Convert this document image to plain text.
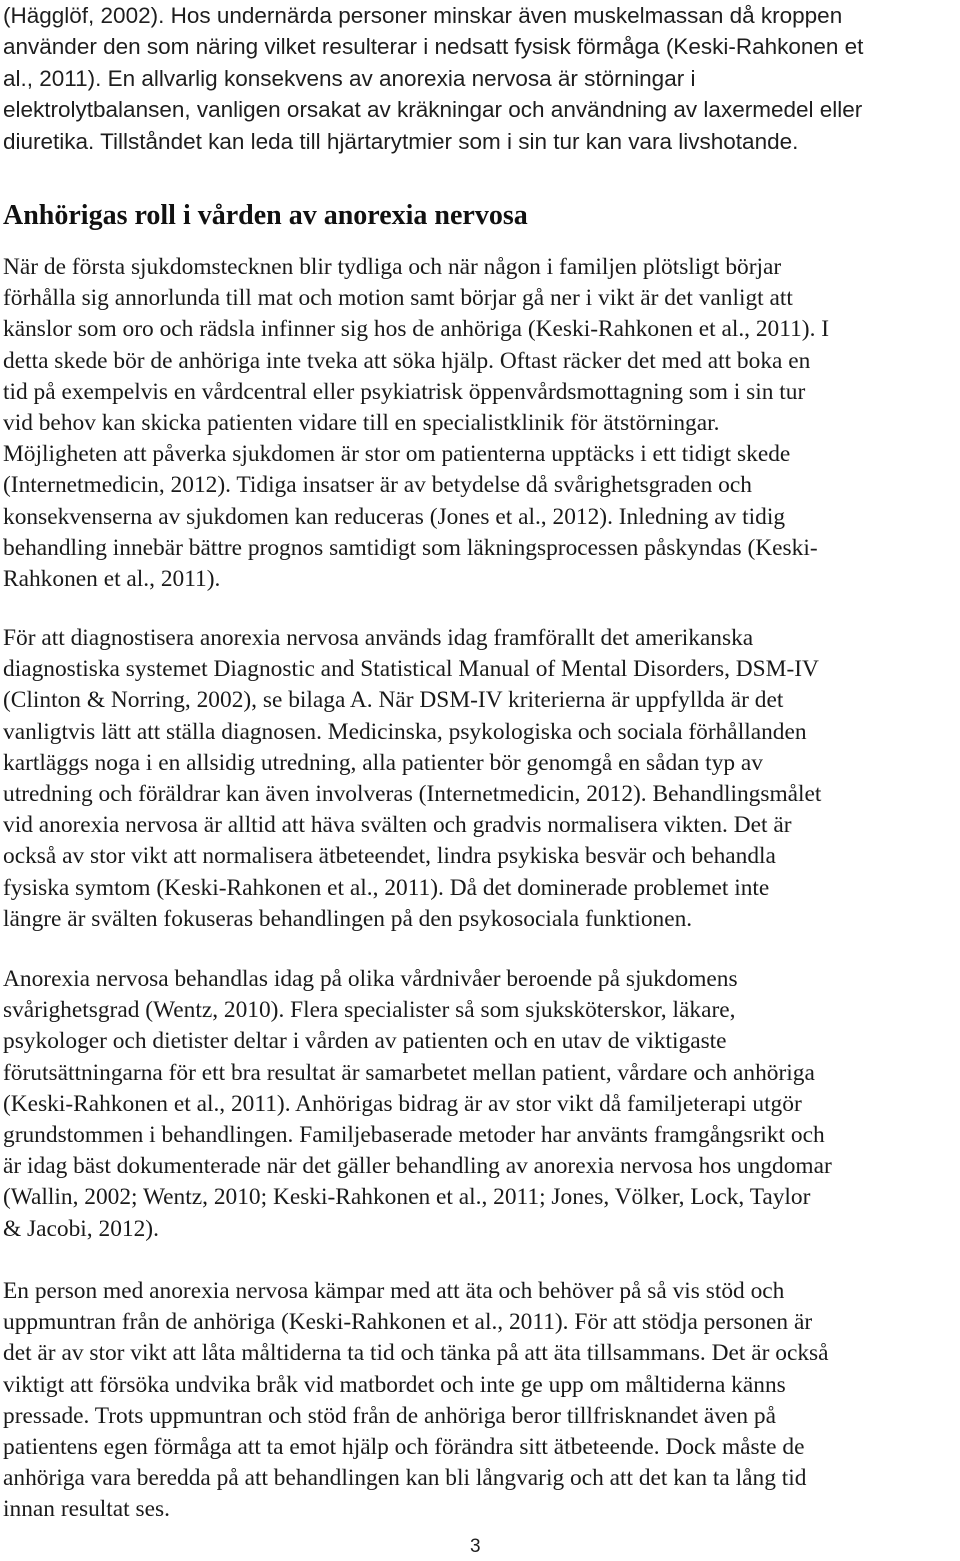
(Hägglöf, 2002). Hos undernärda personer minskar även muskelmassan då kroppen
använder den som näring vilket resulterar i nedsatt fysisk förmåga (Keski-Rahkonen et
al., 2011). En allvarlig konsekvens av anorexia nervosa är störningar i
elektrolytbalansen, vanligen orsakat av kräkningar och användning av laxermedel eller
diuretika. Tillståndet kan leda till hjärtarytmier som i sin tur kan vara livshotande.

Anhörigas roll i vården av anorexia nervosa

När de första sjukdomstecknen blir tydliga och när någon i familjen plötsligt börjar
förhålla sig annorlunda till mat och motion samt börjar gå ner i vikt är det vanligt att
känslor som oro och rädsla infinner sig hos de anhöriga (Keski-Rahkonen et al., 2011). I
detta skede bör de anhöriga inte tveka att söka hjälp. Oftast räcker det med att boka en
tid på exempelvis en vårdcentral eller psykiatrisk öppenvårdsmottagning som i sin tur
vid behov kan skicka patienten vidare till en specialistklinik för ätstörningar.
Möjligheten att påverka sjukdomen är stor om patienterna upptäcks i ett tidigt skede
(Internetmedicin, 2012). Tidiga insatser är av betydelse då svårighetsgraden och
konsekvenserna av sjukdomen kan reduceras (Jones et al., 2012). Inledning av tidig
behandling innebär bättre prognos samtidigt som läkningsprocessen påskyndas (Keski-
Rahkonen et al., 2011).

För att diagnostisera anorexia nervosa används idag framförallt det amerikanska
diagnostiska systemet Diagnostic and Statistical Manual of Mental Disorders, DSM-IV
(Clinton & Norring, 2002), se bilaga A. När DSM-IV kriterierna är uppfyllda är det
vanligtvis lätt att ställa diagnosen. Medicinska, psykologiska och sociala förhållanden
kartläggs noga i en allsidig utredning, alla patienter bör genomgå en sådan typ av
utredning och föräldrar kan även involveras (Internetmedicin, 2012). Behandlingsmålet
vid anorexia nervosa är alltid att häva svälten och gradvis normalisera vikten. Det är
också av stor vikt att normalisera ätbeteendet, lindra psykiska besvär och behandla
fysiska symtom (Keski-Rahkonen et al., 2011). Då det dominerade problemet inte
längre är svälten fokuseras behandlingen på den psykosociala funktionen.

Anorexia nervosa behandlas idag på olika vårdnivåer beroende på sjukdomens
svårighetsgrad (Wentz, 2010). Flera specialister så som sjuksköterskor, läkare,
psykologer och dietister deltar i vården av patienten och en utav de viktigaste
förutsättningarna för ett bra resultat är samarbetet mellan patient, vårdare och anhöriga
(Keski-Rahkonen et al., 2011). Anhörigas bidrag är av stor vikt då familjeterapi utgör
grundstommen i behandlingen. Familjebaserade metoder har använts framgångsrikt och
är idag bäst dokumenterade när det gäller behandling av anorexia nervosa hos ungdomar
(Wallin, 2002; Wentz, 2010; Keski-Rahkonen et al., 2011; Jones, Völker, Lock, Taylor
& Jacobi, 2012).

En person med anorexia nervosa kämpar med att äta och behöver på så vis stöd och
uppmuntran från de anhöriga (Keski-Rahkonen et al., 2011). För att stödja personen är
det är av stor vikt att låta måltiderna ta tid och tänka på att äta tillsammans. Det är också
viktigt att försöka undvika bråk vid matbordet och inte ge upp om måltiderna känns
pressade. Trots uppmuntran och stöd från de anhöriga beror tillfrisknandet även på
patientens egen förmåga att ta emot hjälp och förändra sitt ätbeteende. Dock måste de
anhöriga vara beredda på att behandlingen kan bli långvarig och att det kan ta lång tid
innan resultat ses.

3
